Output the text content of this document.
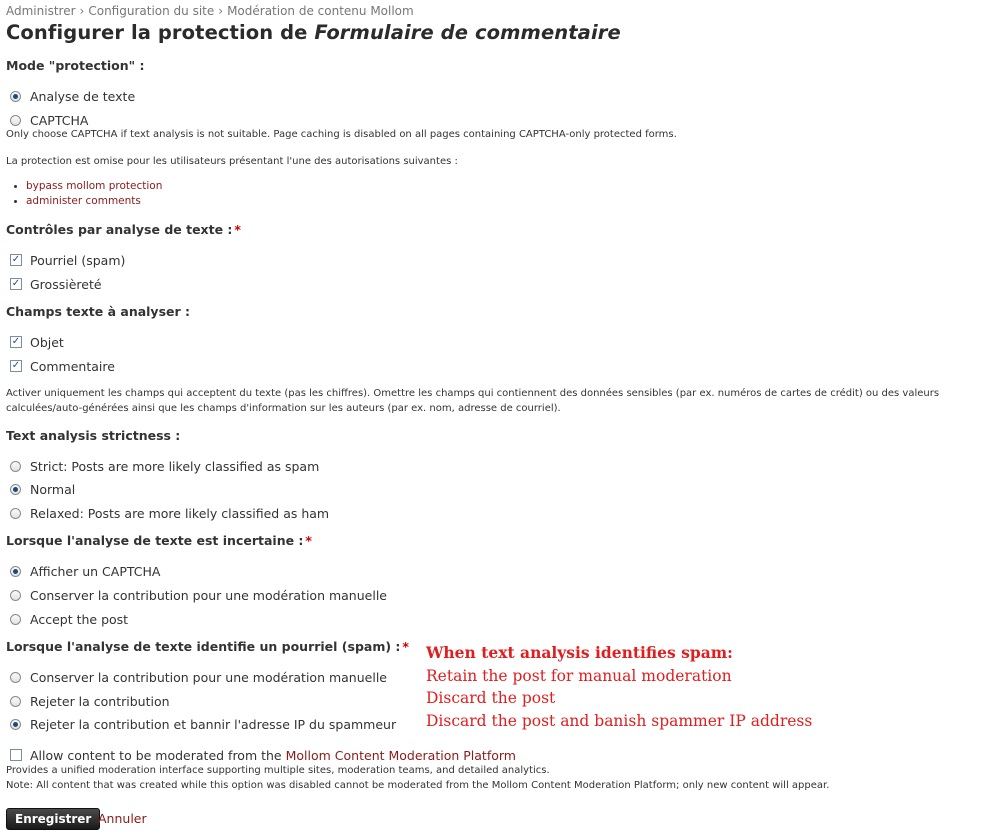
Administrer › Configuration du site › Modération de contenu Mollom
Configurer la protection de Formulaire de commentaire
Mode "protection" :
Analyse de texte
CAPTCHA
Only choose CAPTCHA if text analysis is not suitable. Page caching is disabled on all pages containing CAPTCHA-only protected forms.
La protection est omise pour les utilisateurs présentant l'une des autorisations suivantes :
bypass mollom protection
administer comments
Contrôles par analyse de texte : *
✓ Pourriel (spam)
✓ Grossièreté
Champs texte à analyser :
✓ Objet
✓ Commentaire
Activer uniquement les champs qui acceptent du texte (pas les chiffres). Omettre les champs qui contiennent des données sensibles (par ex. numéros de cartes de crédit) ou des valeurs calculées/auto-générées ainsi que les champs d'information sur les auteurs (par ex. nom, adresse de courriel).
Text analysis strictness :
Strict: Posts are more likely classified as spam
Normal
Relaxed: Posts are more likely classified as ham
Lorsque l'analyse de texte est incertaine : *
Afficher un CAPTCHA
Conserver la contribution pour une modération manuelle
Accept the post
Lorsque l'analyse de texte identifie un pourriel (spam) : *
Conserver la contribution pour une modération manuelle
Rejeter la contribution
Rejeter la contribution et bannir l'adresse IP du spammeur
When text analysis identifies spam:
Retain the post for manual moderation
Discard the post
Discard the post and banish spammer IP address
Allow content to be moderated from the Mollom Content Moderation Platform
Provides a unified moderation interface supporting multiple sites, moderation teams, and detailed analytics.
Note: All content that was created while this option was disabled cannot be moderated from the Mollom Content Moderation Platform; only new content will appear.
Enregistrer Annuler
